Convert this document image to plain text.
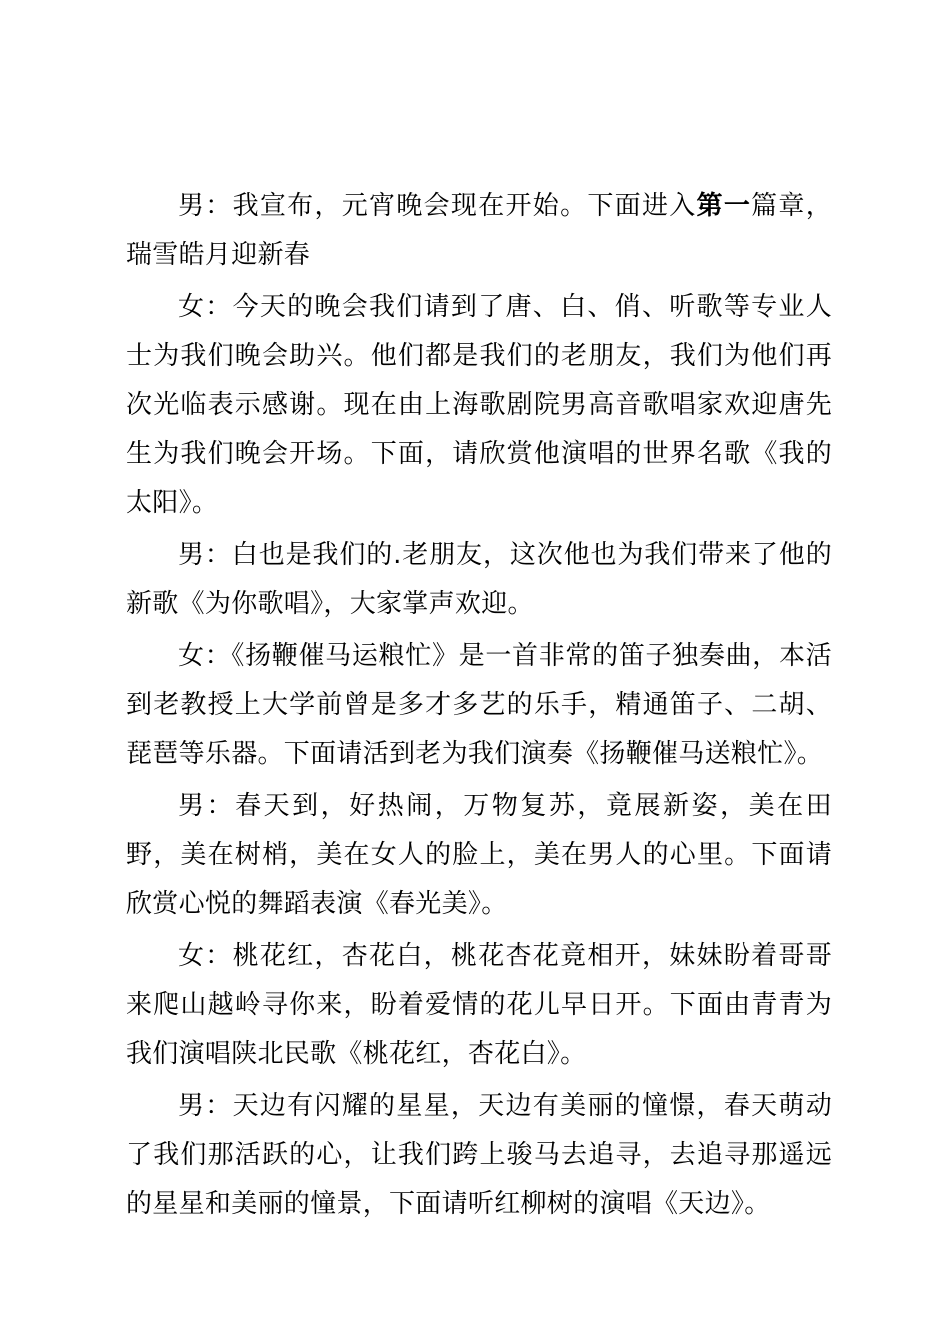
男：我宣布，元宵晚会现在开始。下面进入第一篇章，瑞雪皓月迎新春

女：今天的晚会我们请到了唐、白、俏、听歌等专业人士为我们晚会助兴。他们都是我们的老朋友，我们为他们再次光临表示感谢。现在由上海歌剧院男高音歌唱家欢迎唐先生为我们晚会开场。下面，请欣赏他演唱的世界名歌《我的太阳》。

男：白也是我们的.老朋友，这次他也为我们带来了他的新歌《为你歌唱》，大家掌声欢迎。

女：《扬鞭催马运粮忙》是一首非常的笛子独奏曲，本活到老教授上大学前曾是多才多艺的乐手，精通笛子、二胡、琵琶等乐器。下面请活到老为我们演奏《扬鞭催马送粮忙》。

男：春天到，好热闹，万物复苏，竟展新姿，美在田野，美在树梢，美在女人的脸上，美在男人的心里。下面请欣赏心悦的舞蹈表演《春光美》。

女：桃花红，杏花白，桃花杏花竟相开，妹妹盼着哥哥来爬山越岭寻你来，盼着爱情的花儿早日开。下面由青青为我们演唱陕北民歌《桃花红，杏花白》。

男：天边有闪耀的星星，天边有美丽的憧憬，春天萌动了我们那活跃的心，让我们跨上骏马去追寻，去追寻那遥远的星星和美丽的憧景，下面请听红柳树的演唱《天边》。
